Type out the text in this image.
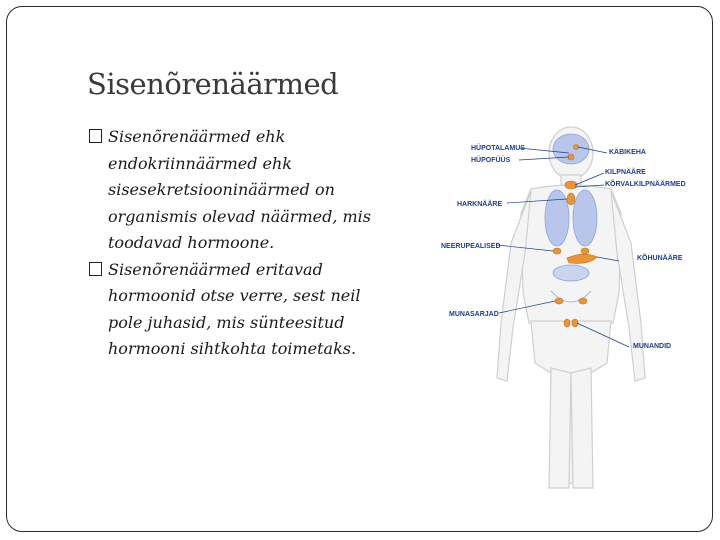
Sisenõrenäärmed

Sisenõrenäärmed ehk endokriinnäärmed ehk sisesekretsiooninäärmed on organismis olevad näärmed, mis toodavad hormoone.

Sisenõrenäärmed eritavad hormoonid otse verre, sest neil pole juhasid, mis sünteesitud hormooni sihtkohta toimetaks.

HÜPOTALAMUS
HÜPOFÜÜS
KÄBIKEHA
KILPNÄÄRE
KÕRVALKILPNÄÄRMED
HARKNÄÄRE
NEERUPEALISED
KÕHUNÄÄRE
MUNASARJAD
MUNANDID
